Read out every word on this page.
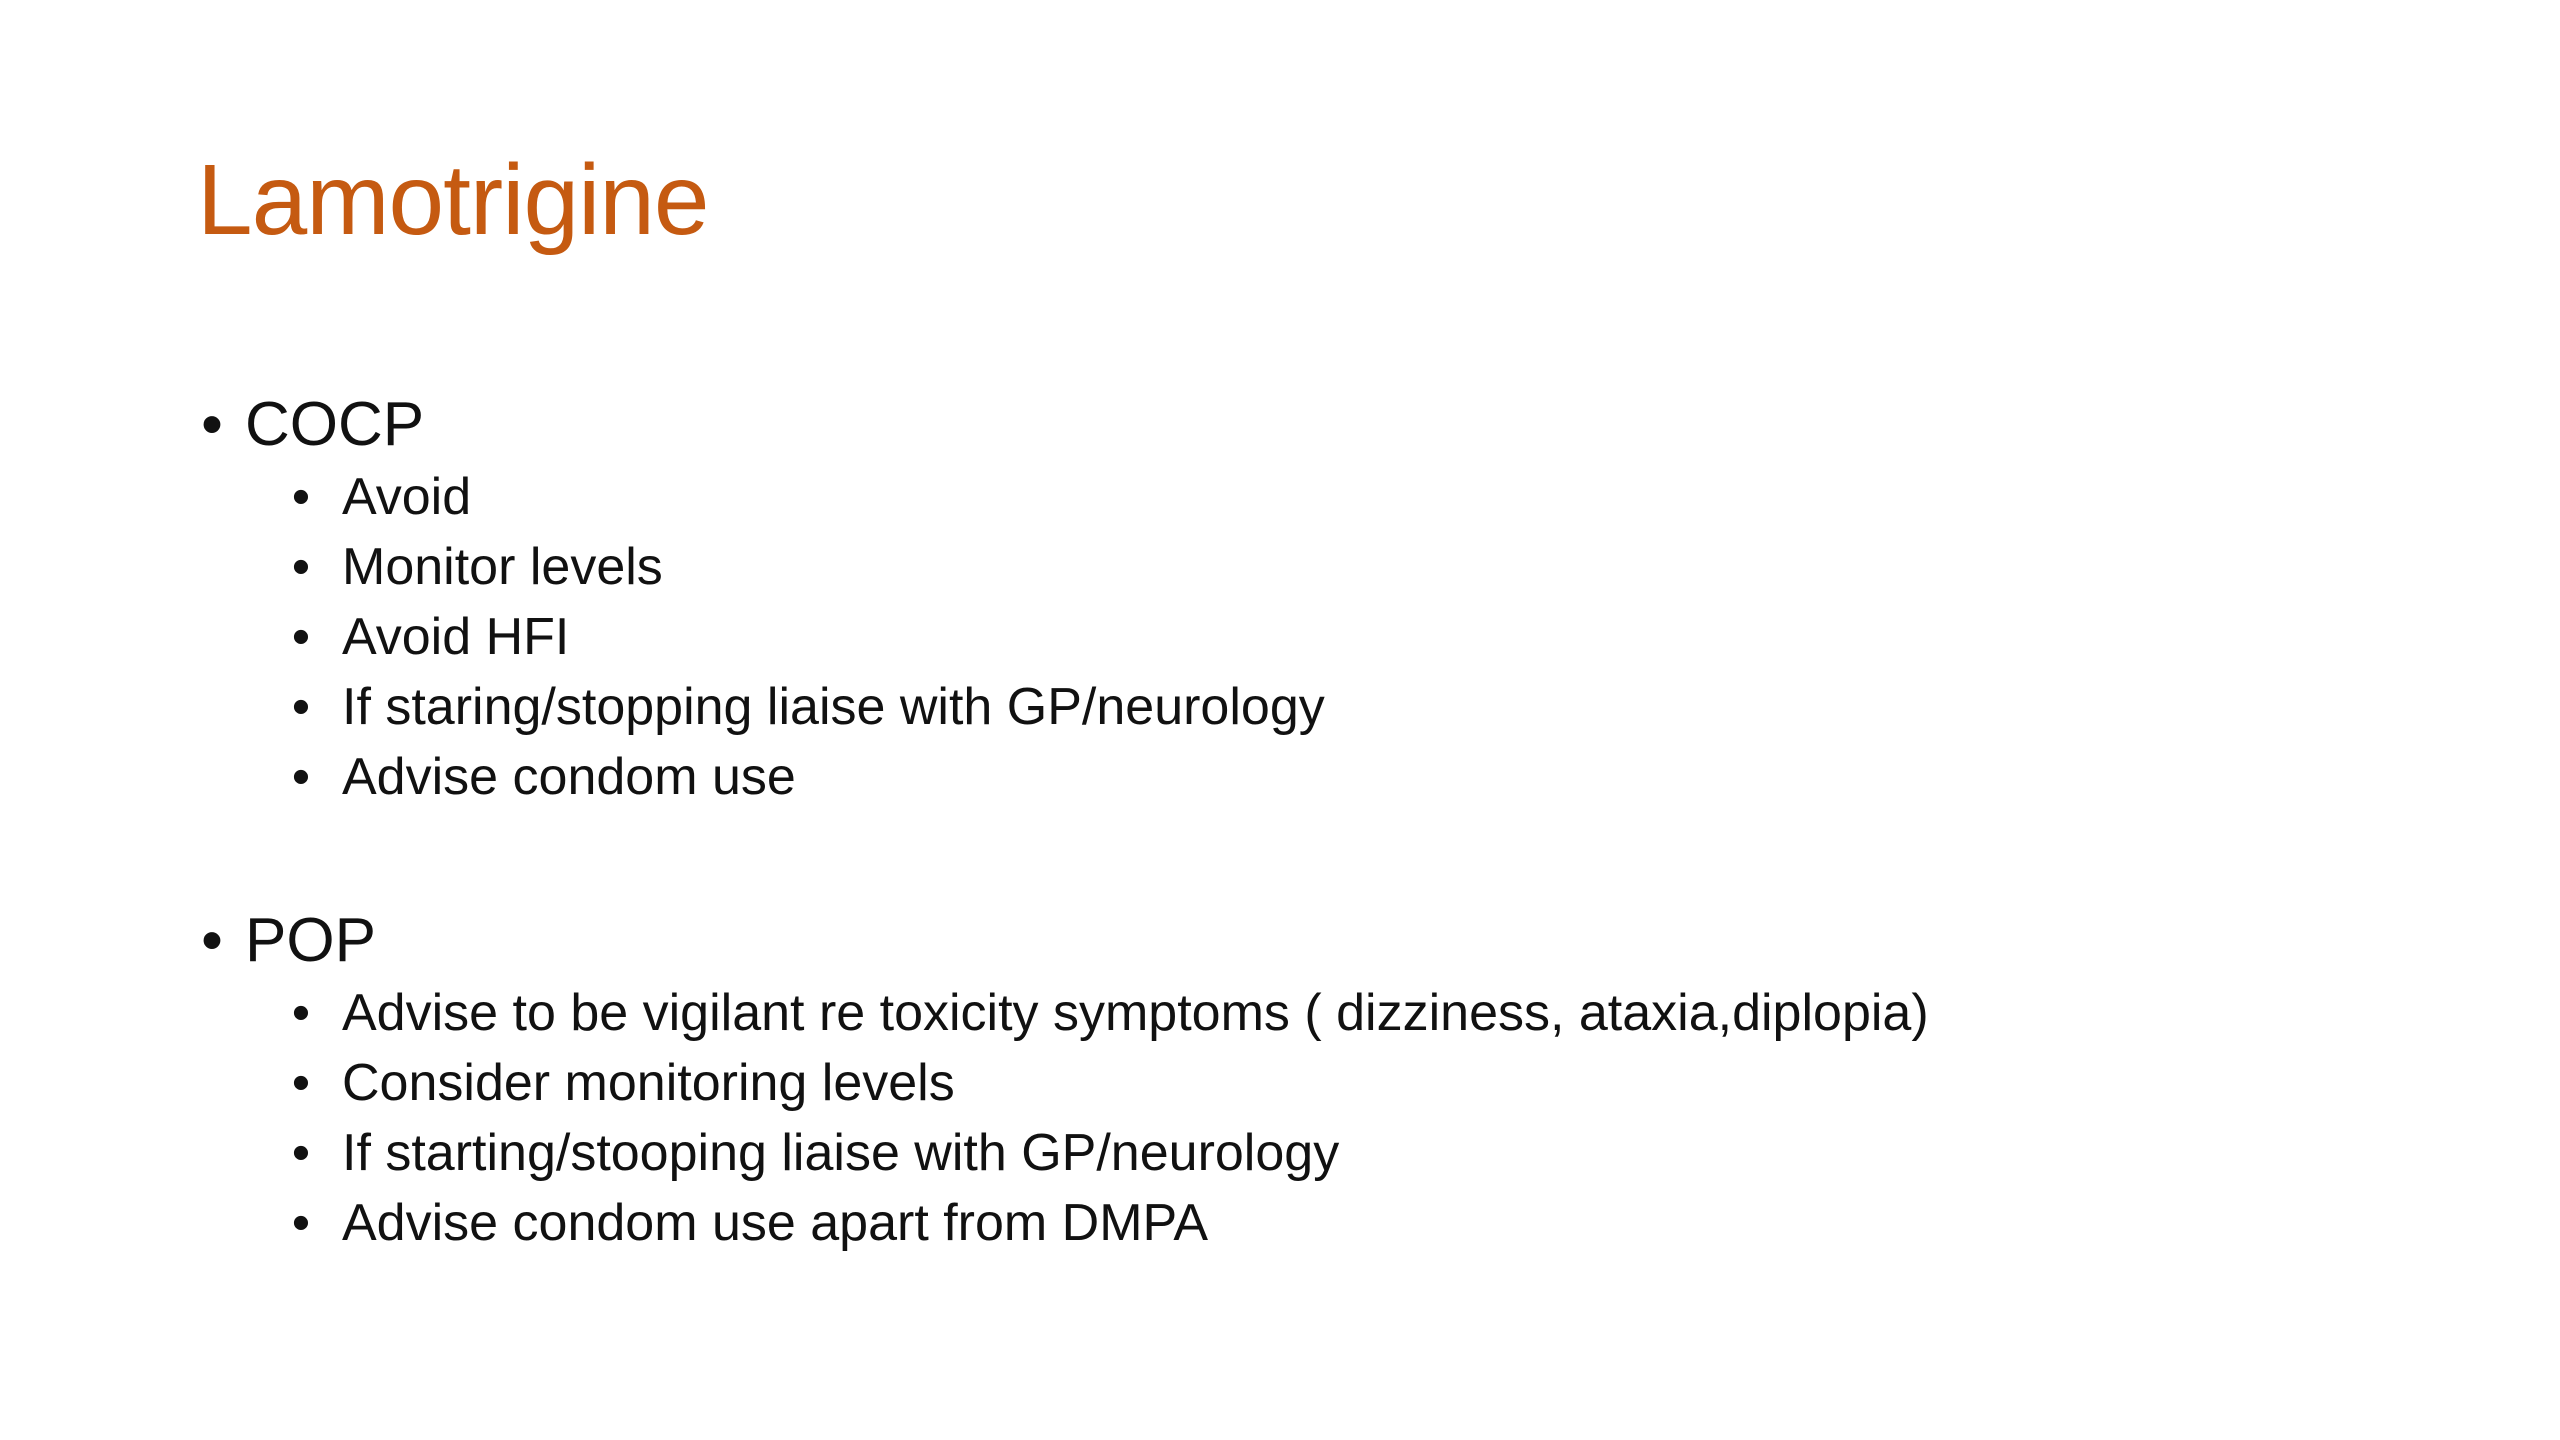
Lamotrigine
• COCP
• Avoid
• Monitor levels
• Avoid HFI
• If staring/stopping liaise with GP/neurology
• Advise condom use
• POP
• Advise to be vigilant re toxicity symptoms ( dizziness, ataxia,diplopia)
• Consider monitoring levels
• If starting/stooping liaise with GP/neurology
• Advise condom use apart from DMPA
